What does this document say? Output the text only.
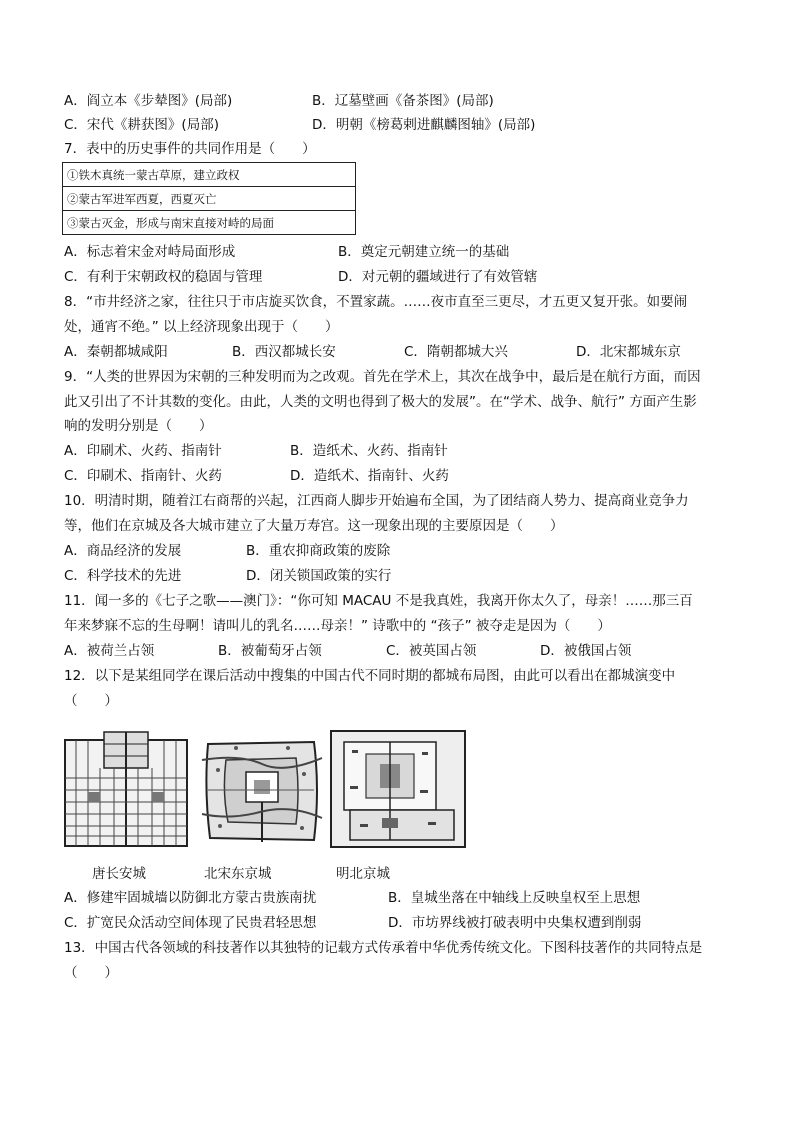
A．阎立本《步辇图》(局部)	B．辽墓壁画《备茶图》(局部)
C．宋代《耕获图》(局部)	D．明朝《榜葛剌进麒麟图轴》(局部)
7．表中的历史事件的共同作用是（　　）
①铁木真统一蒙古草原，建立政权
②蒙古军进军西夏，西夏灭亡
③蒙古灭金，形成与南宋直接对峙的局面
A．标志着宋金对峙局面形成	B．奠定元朝建立统一的基础
C．有利于宋朝政权的稳固与管理	D．对元朝的疆域进行了有效管辖
8．“市井经济之家，往往只于市店旋买饮食，不置家蔬。……夜市直至三更尽，才五更又复开张。如要闹
处，通宵不绝。” 以上经济现象出现于（　　）
A．秦朝都城咸阳	B．西汉都城长安	C．隋朝都城大兴	D．北宋都城东京
9．“人类的世界因为宋朝的三种发明而为之改观。首先在学术上，其次在战争中，最后是在航行方面，而因
此又引出了不计其数的变化。由此，人类的文明也得到了极大的发展”。在“学术、战争、航行” 方面产生影
响的发明分别是（　　）
A．印刷术、火药、指南针	B．造纸术、火药、指南针
C．印刷术、指南针、火药	D．造纸术、指南针、火药
10．明清时期，随着江右商帮的兴起，江西商人脚步开始遍布全国，为了团结商人势力、提高商业竞争力
等，他们在京城及各大城市建立了大量万寿宫。这一现象出现的主要原因是（　　）
A．商品经济的发展	B．重农抑商政策的废除
C．科学技术的先进	D．闭关锁国政策的实行
11．闻一多的《七子之歌——澳门》：“你可知 MACAU 不是我真姓，我离开你太久了，母亲！……那三百
年来梦寐不忘的生母啊！请叫儿的乳名……母亲！” 诗歌中的 “孩子” 被夺走是因为（　　）
A．被荷兰占领	B．被葡萄牙占领	C．被英国占领	D．被俄国占领
12．以下是某组同学在课后活动中搜集的中国古代不同时期的都城布局图，由此可以看出在都城演变中
（　　）
唐长安城	北宋东京城	明北京城
A．修建牢固城墙以防御北方蒙古贵族南扰	B．皇城坐落在中轴线上反映皇权至上思想
C．扩宽民众活动空间体现了民贵君轻思想	D．市坊界线被打破表明中央集权遭到削弱
13．中国古代各领域的科技著作以其独特的记载方式传承着中华优秀传统文化。下图科技著作的共同特点是
（　　）
